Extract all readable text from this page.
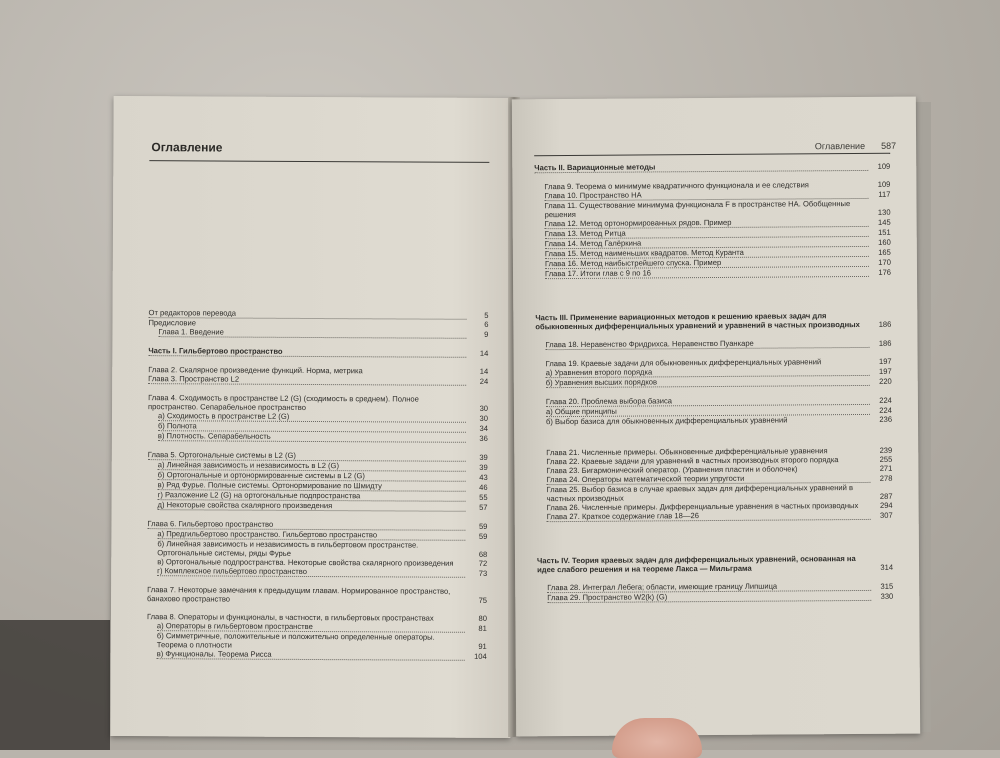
Оглавление
От редакторов перевода	5
Предисловие	6
Глава 1. Введение	9
Часть I. Гильбертово пространство	14
Глава 2. Скалярное произведение функций. Норма, метрика	14
Глава 3. Пространство L2	24
Глава 4. Сходимость в пространстве L2 (G) (сходимость в среднем). Полное пространство. Сепарабельное пространство	30
а) Сходимость в пространстве L2 (G)	30
б) Полнота	34
в) Плотность. Сепарабельность	36
Глава 5. Ортогональные системы в L2 (G)	39
а) Линейная зависимость и независимость в L2 (G)	39
б) Ортогональные и ортонормированные системы в L2 (G)	43
в) Ряд Фурье. Полные системы. Ортонормирование по Шмидту	46
г) Разложение L2 (G) на ортогональные подпространства	55
д) Некоторые свойства скалярного произведения	57
Глава 6. Гильбертово пространство	59
а) Предгильбертово пространство. Гильбертово пространство	59
б) Линейная зависимость и независимость в гильбертовом пространстве. Ортогональные системы, ряды Фурье	68
в) Ортогональные подпространства. Некоторые свойства скалярного произведения	72
г) Комплексное гильбертово пространство	73
Глава 7. Некоторые замечания к предыдущим главам. Нормированное пространство, банахово пространство	75
Глава 8. Операторы и функционалы, в частности, в гильбертовых пространствах	80
а) Операторы в гильбертовом пространстве	81
б) Симметричные, положительные и положительно определенные операторы. Теорема о плотности	91
в) Функционалы. Теорема Рисса	104
Оглавление 587
Часть II. Вариационные методы	109
Глава 9. Теорема о минимуме квадратичного функционала и ее следствия	109
Глава 10. Пространство HA	117
Глава 11. Существование минимума функционала F в пространстве HA. Обобщенные решения	130
Глава 12. Метод ортонормированных рядов. Пример	145
Глава 13. Метод Ритца	151
Глава 14. Метод Галёркина	160
Глава 15. Метод наименьших квадратов. Метод Куранта	165
Глава 16. Метод наибыстрейшего спуска. Пример	170
Глава 17. Итоги глав с 9 по 16	176
Часть III. Применение вариационных методов к решению краевых задач для обыкновенных дифференциальных уравнений и уравнений в частных производных	186
Глава 18. Неравенство Фридрихса. Неравенство Пуанкаре	186
Глава 19. Краевые задачи для обыкновенных дифференциальных уравнений	197
а) Уравнения второго порядка	197
б) Уравнения высших порядков	220
Глава 20. Проблема выбора базиса	224
а) Общие принципы	224
б) Выбор базиса для обыкновенных дифференциальных уравнений	236
Глава 21. Численные примеры. Обыкновенные дифференциальные уравнения	239
Глава 22. Краевые задачи для уравнений в частных производных второго порядка	255
Глава 23. Бигармонический оператор. (Уравнения пластин и оболочек)	271
Глава 24. Операторы математической теории упругости	278
Глава 25. Выбор базиса в случае краевых задач для дифференциальных уравнений в частных производных	287
Глава 26. Численные примеры. Дифференциальные уравнения в частных производных	294
Глава 27. Краткое содержание глав 18—26	307
Часть IV. Теория краевых задач для дифференциальных уравнений, основанная на идее слабого решения и на теореме Лакса — Мильграма	314
Глава 28. Интеграл Лебега; области, имеющие границу Липшица	315
Глава 29. Пространство W2(k) (G)	330
